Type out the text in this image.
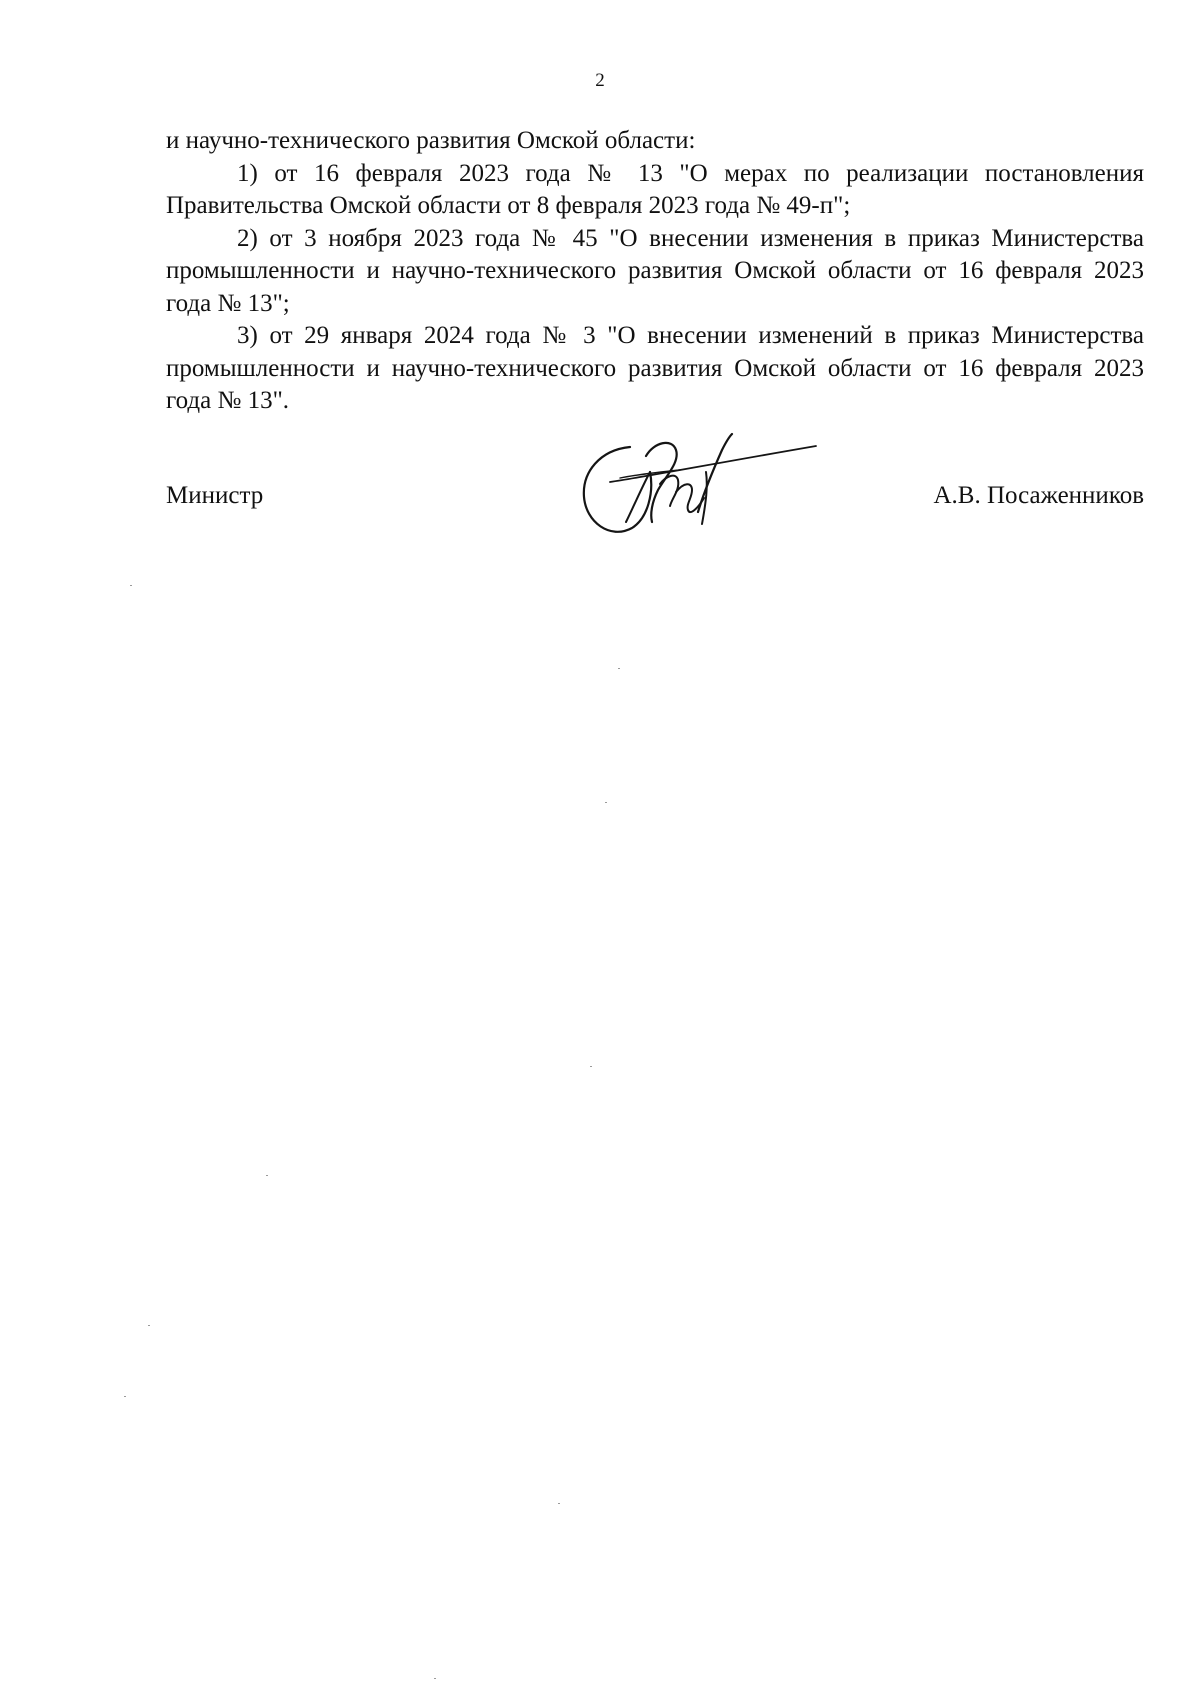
2

и научно-технического развития Омской области:

1) от 16 февраля 2023 года № 13 "О мерах по реализации постановления Правительства Омской области от 8 февраля 2023 года № 49-п";

2) от 3 ноября 2023 года № 45 "О внесении изменения в приказ Министерства промышленности и научно-технического развития Омской области от 16 февраля 2023 года № 13";

3) от 29 января 2024 года № 3 "О внесении изменений в приказ Министерства промышленности и научно-технического развития Омской области от 16 февраля 2023 года № 13".

Министр	А.В. Посаженников
